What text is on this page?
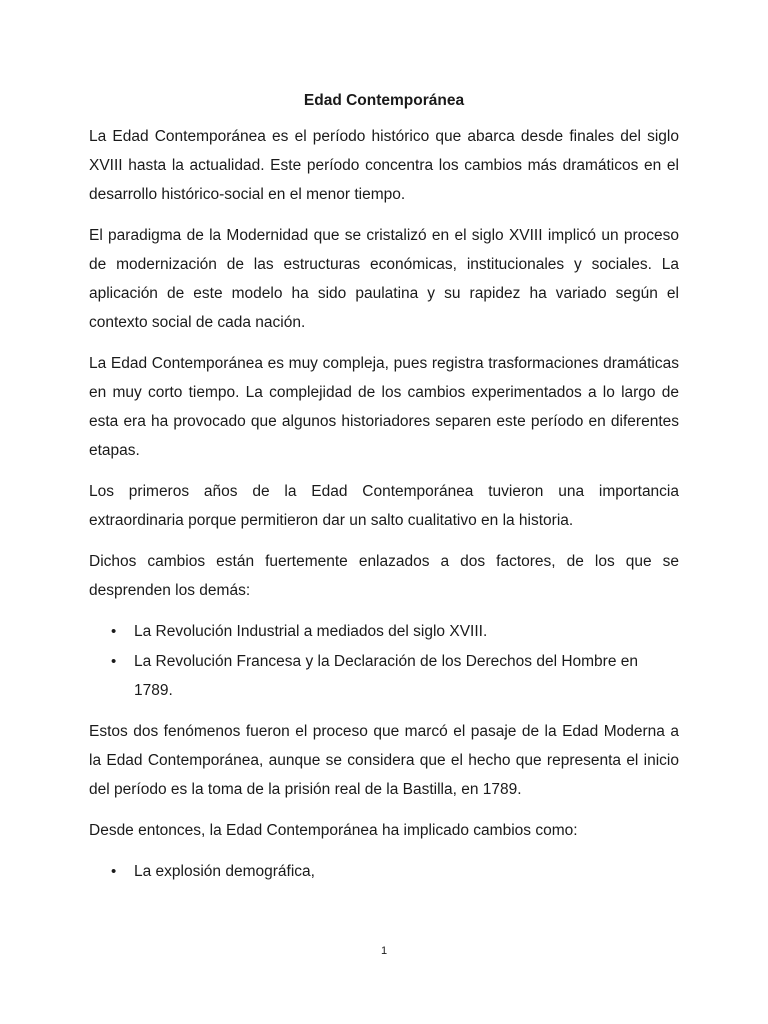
Edad Contemporánea

La Edad Contemporánea es el período histórico que abarca desde finales del siglo XVIII hasta la actualidad. Este período concentra los cambios más dramáticos en el desarrollo histórico-social en el menor tiempo.

El paradigma de la Modernidad que se cristalizó en el siglo XVIII implicó un proceso de modernización de las estructuras económicas, institucionales y sociales. La aplicación de este modelo ha sido paulatina y su rapidez ha variado según el contexto social de cada nación.

La Edad Contemporánea es muy compleja, pues registra trasformaciones dramáticas en muy corto tiempo. La complejidad de los cambios experimentados a lo largo de esta era ha provocado que algunos historiadores separen este período en diferentes etapas.

Los primeros años de la Edad Contemporánea tuvieron una importancia extraordinaria porque permitieron dar un salto cualitativo en la historia.

Dichos cambios están fuertemente enlazados a dos factores, de los que se desprenden los demás:

• La Revolución Industrial a mediados del siglo XVIII.
• La Revolución Francesa y la Declaración de los Derechos del Hombre en 1789.

Estos dos fenómenos fueron el proceso que marcó el pasaje de la Edad Moderna a la Edad Contemporánea, aunque se considera que el hecho que representa el inicio del período es la toma de la prisión real de la Bastilla, en 1789.

Desde entonces, la Edad Contemporánea ha implicado cambios como:

• La explosión demográfica,
1
